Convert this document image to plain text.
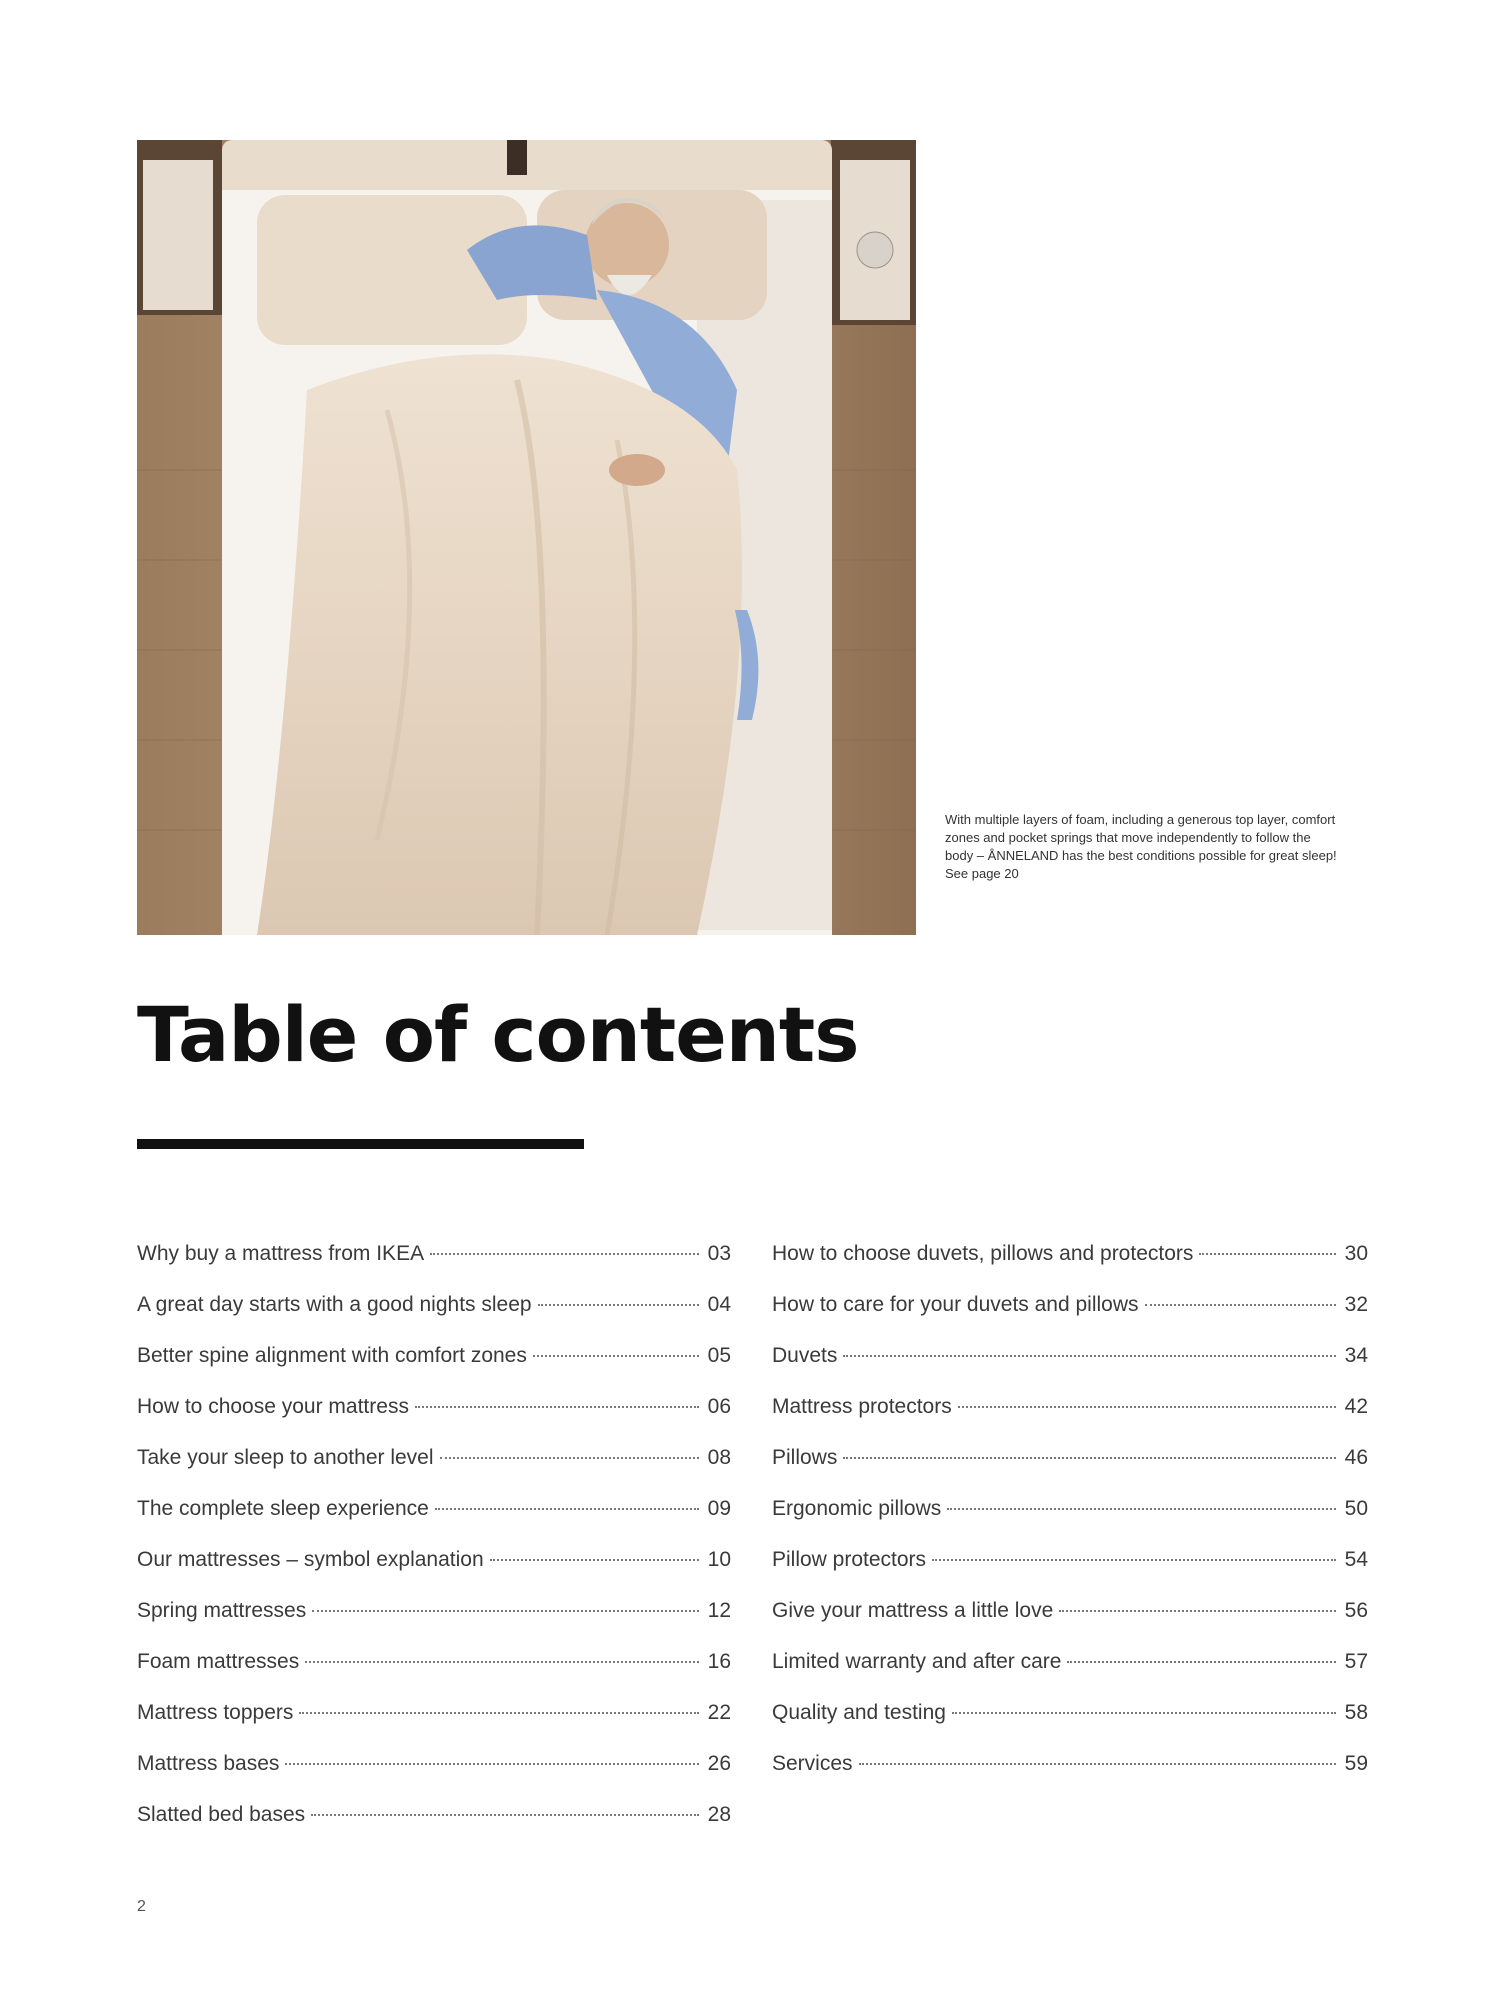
With multiple layers of foam, including a generous top layer, comfort zones and pocket springs that move independently to follow the body – ÅNNELAND has the best conditions possible for great sleep!

See page 20

Table of contents
Why buy a mattress from IKEA	03
A great day starts with a good nights sleep	04
Better spine alignment with comfort zones	05
How to choose your mattress	06
Take your sleep to another level	08
The complete sleep experience	09
Our mattresses – symbol explanation	10
Spring mattresses	12
Foam mattresses	16
Mattress toppers	22
Mattress bases	26
Slatted bed bases	28
How to choose duvets, pillows and protectors	30
How to care for your duvets and pillows	32
Duvets	34
Mattress protectors	42
Pillows	46
Ergonomic pillows	50
Pillow protectors	54
Give your mattress a little love	56
Limited warranty and after care	57
Quality and testing	58
Services	59
2
